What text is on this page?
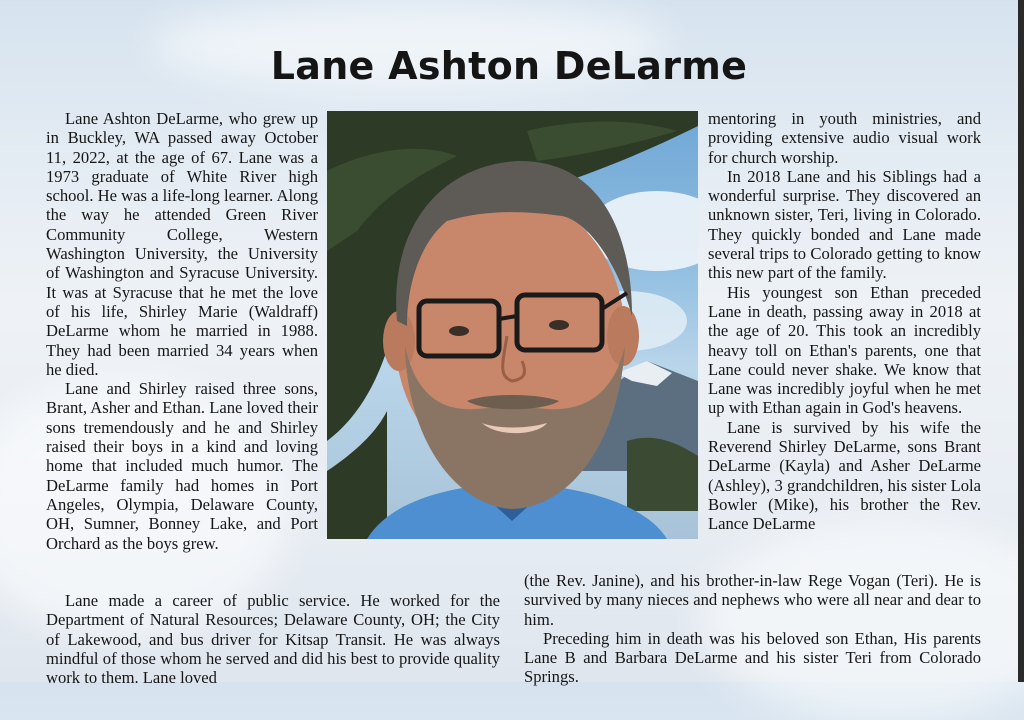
Lane Ashton DeLarme

Lane Ashton DeLarme, who grew up in Buckley, WA passed away October 11, 2022, at the age of 67. Lane was a 1973 graduate of White River high school. He was a life-long learner. Along the way he attended Green River Community College, Western Washington University, the University of Washington and Syracuse University. It was at Syracuse that he met the love of his life, Shirley Marie (Waldraff) DeLarme whom he married in 1988. They had been married 34 years when he died.

Lane and Shirley raised three sons, Brant, Asher and Ethan. Lane loved their sons tremendously and he and Shirley raised their boys in a kind and loving home that included much humor. The DeLarme family had homes in Port Angeles, Olympia, Delaware County, OH, Sumner, Bonney Lake, and Port Orchard as the boys grew.

mentoring in youth ministries, and providing extensive audio visual work for church worship.

In 2018 Lane and his Siblings had a wonderful surprise. They discovered an unknown sister, Teri, living in Colorado. They quickly bonded and Lane made several trips to Colorado getting to know this new part of the family.

His youngest son Ethan preceded Lane in death, passing away in 2018 at the age of 20. This took an incredibly heavy toll on Ethan's parents, one that Lane could never shake. We know that Lane was incredibly joyful when he met up with Ethan again in God's heavens.

Lane is survived by his wife the Reverend Shirley DeLarme, sons Brant DeLarme (Kayla) and Asher DeLarme (Ashley), 3 grandchildren, his sister Lola Bowler (Mike), his brother the Rev. Lance DeLarme

Lane made a career of public service. He worked for the Department of Natural Resources; Delaware County, OH; the City of Lakewood, and bus driver for Kitsap Transit. He was always mindful of those whom he served and did his best to provide quality work to them. Lane loved

(the Rev. Janine), and his brother-in-law Rege Vogan (Teri). He is survived by many nieces and nephews who were all near and dear to him.

Preceding him in death was his beloved son Ethan, His parents Lane B and Barbara DeLarme and his sister Teri from Colorado Springs.
